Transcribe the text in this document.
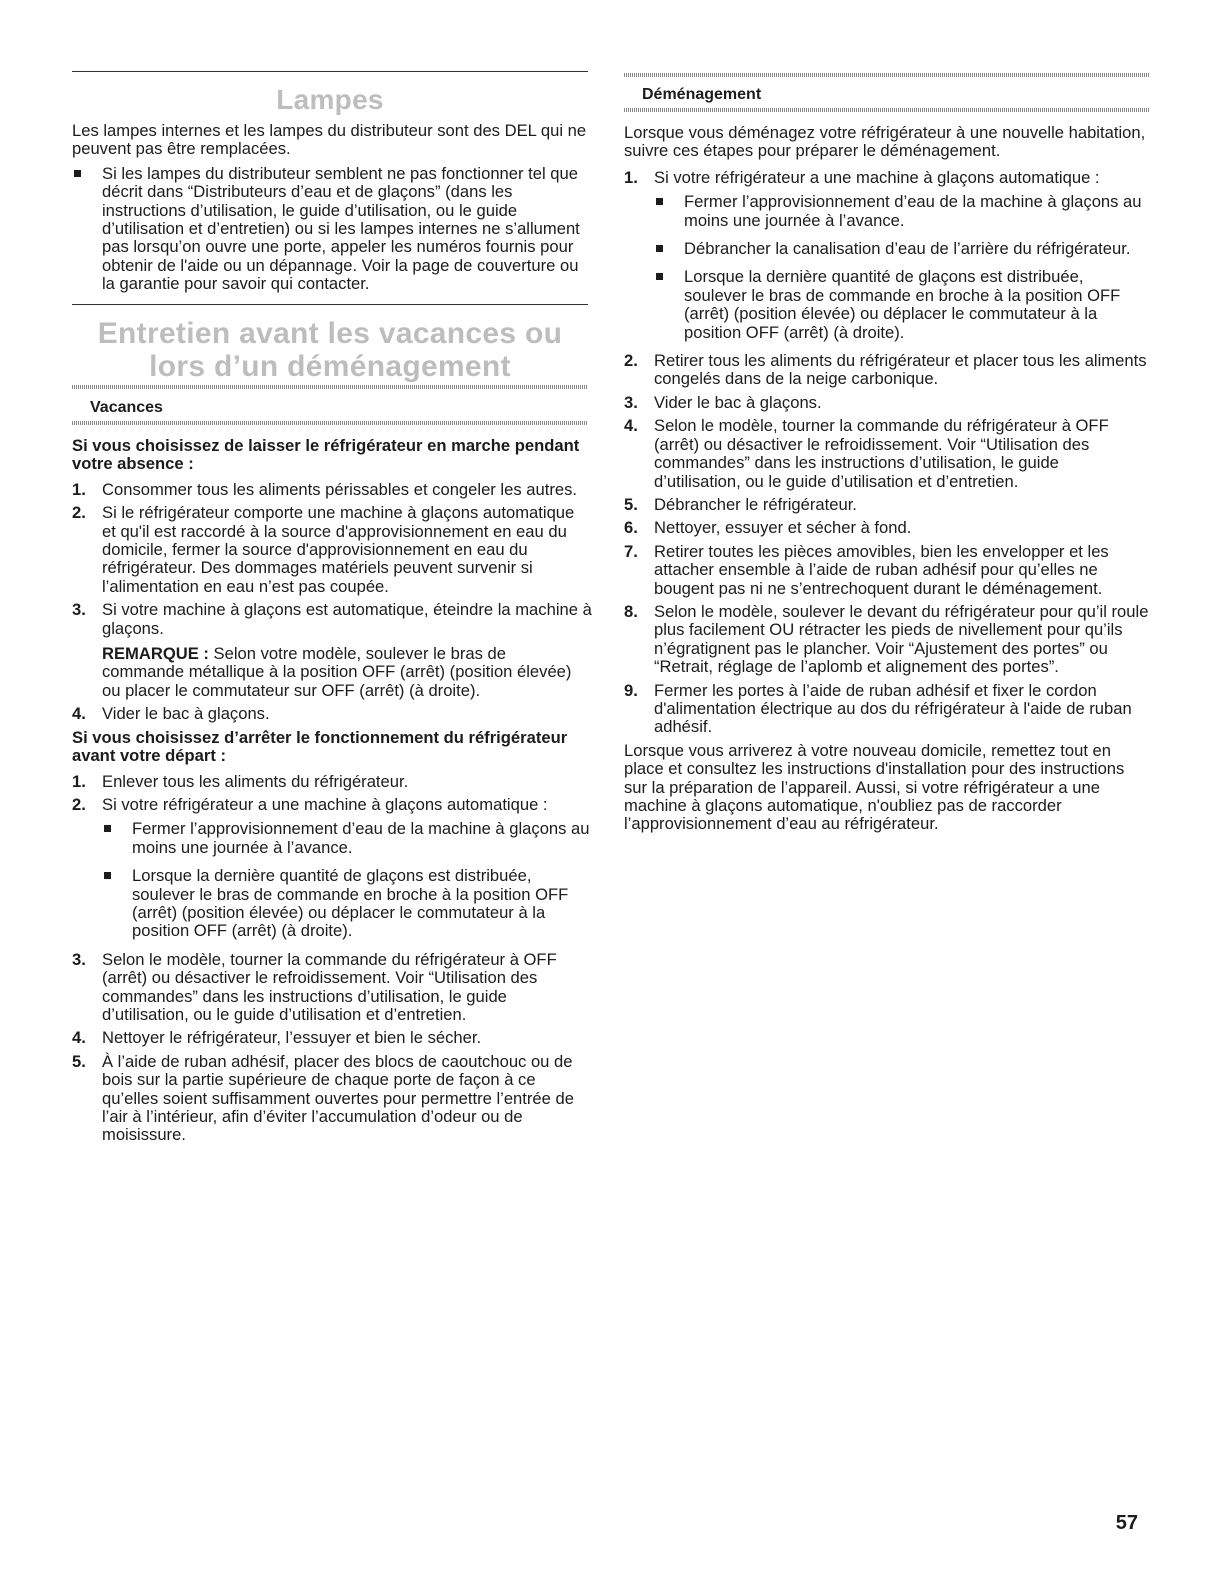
Lampes

Les lampes internes et les lampes du distributeur sont des DEL qui ne peuvent pas être remplacées.

Si les lampes du distributeur semblent ne pas fonctionner tel que décrit dans “Distributeurs d’eau et de glaçons” (dans les instructions d’utilisation, le guide d’utilisation, ou le guide d’utilisation et d’entretien) ou si les lampes internes ne s’allument pas lorsqu’on ouvre une porte, appeler les numéros fournis pour obtenir de l'aide ou un dépannage. Voir la page de couverture ou la garantie pour savoir qui contacter.
Entretien avant les vacances ou
lors d’un déménagement
Vacances

Si vous choisissez de laisser le réfrigérateur en marche pendant votre absence :

1. Consommer tous les aliments périssables et congeler les autres.
2. Si le réfrigérateur comporte une machine à glaçons automatique et qu'il est raccordé à la source d'approvisionnement en eau du domicile, fermer la source d'approvisionnement en eau du réfrigérateur. Des dommages matériels peuvent survenir si l’alimentation en eau n’est pas coupée.
3. Si votre machine à glaçons est automatique, éteindre la machine à glaçons.
REMARQUE : Selon votre modèle, soulever le bras de commande métallique à la position OFF (arrêt) (position élevée) ou placer le commutateur sur OFF (arrêt) (à droite).
4. Vider le bac à glaçons.

Si vous choisissez d’arrêter le fonctionnement du réfrigérateur avant votre départ :

1. Enlever tous les aliments du réfrigérateur.
2. Si votre réfrigérateur a une machine à glaçons automatique :
Fermer l’approvisionnement d’eau de la machine à glaçons au moins une journée à l’avance.
Lorsque la dernière quantité de glaçons est distribuée, soulever le bras de commande en broche à la position OFF (arrêt) (position élevée) ou déplacer le commutateur à la position OFF (arrêt) (à droite).
3. Selon le modèle, tourner la commande du réfrigérateur à OFF (arrêt) ou désactiver le refroidissement. Voir “Utilisation des commandes” dans les instructions d’utilisation, le guide d’utilisation, ou le guide d’utilisation et d’entretien.
4. Nettoyer le réfrigérateur, l’essuyer et bien le sécher.
5. À l’aide de ruban adhésif, placer des blocs de caoutchouc ou de bois sur la partie supérieure de chaque porte de façon à ce qu’elles soient suffisamment ouvertes pour permettre l’entrée de l’air à l’intérieur, afin d’éviter l’accumulation d’odeur ou de moisissure.
Déménagement

Lorsque vous déménagez votre réfrigérateur à une nouvelle habitation, suivre ces étapes pour préparer le déménagement.

1. Si votre réfrigérateur a une machine à glaçons automatique :
Fermer l’approvisionnement d’eau de la machine à glaçons au moins une journée à l’avance.
Débrancher la canalisation d’eau de l’arrière du réfrigérateur.
Lorsque la dernière quantité de glaçons est distribuée, soulever le bras de commande en broche à la position OFF (arrêt) (position élevée) ou déplacer le commutateur à la position OFF (arrêt) (à droite).
2. Retirer tous les aliments du réfrigérateur et placer tous les aliments congelés dans de la neige carbonique.
3. Vider le bac à glaçons.
4. Selon le modèle, tourner la commande du réfrigérateur à OFF (arrêt) ou désactiver le refroidissement. Voir “Utilisation des commandes” dans les instructions d’utilisation, le guide d’utilisation, ou le guide d’utilisation et d’entretien.
5. Débrancher le réfrigérateur.
6. Nettoyer, essuyer et sécher à fond.
7. Retirer toutes les pièces amovibles, bien les envelopper et les attacher ensemble à l’aide de ruban adhésif pour qu’elles ne bougent pas ni ne s’entrechoquent durant le déménagement.
8. Selon le modèle, soulever le devant du réfrigérateur pour qu’il roule plus facilement OU rétracter les pieds de nivellement pour qu’ils n’égratignent pas le plancher. Voir “Ajustement des portes” ou “Retrait, réglage de l’aplomb et alignement des portes”.
9. Fermer les portes à l’aide de ruban adhésif et fixer le cordon d'alimentation électrique au dos du réfrigérateur à l'aide de ruban adhésif.

Lorsque vous arriverez à votre nouveau domicile, remettez tout en place et consultez les instructions d'installation pour des instructions sur la préparation de l’appareil. Aussi, si votre réfrigérateur a une machine à glaçons automatique, n'oubliez pas de raccorder l’approvisionnement d’eau au réfrigérateur.

57
